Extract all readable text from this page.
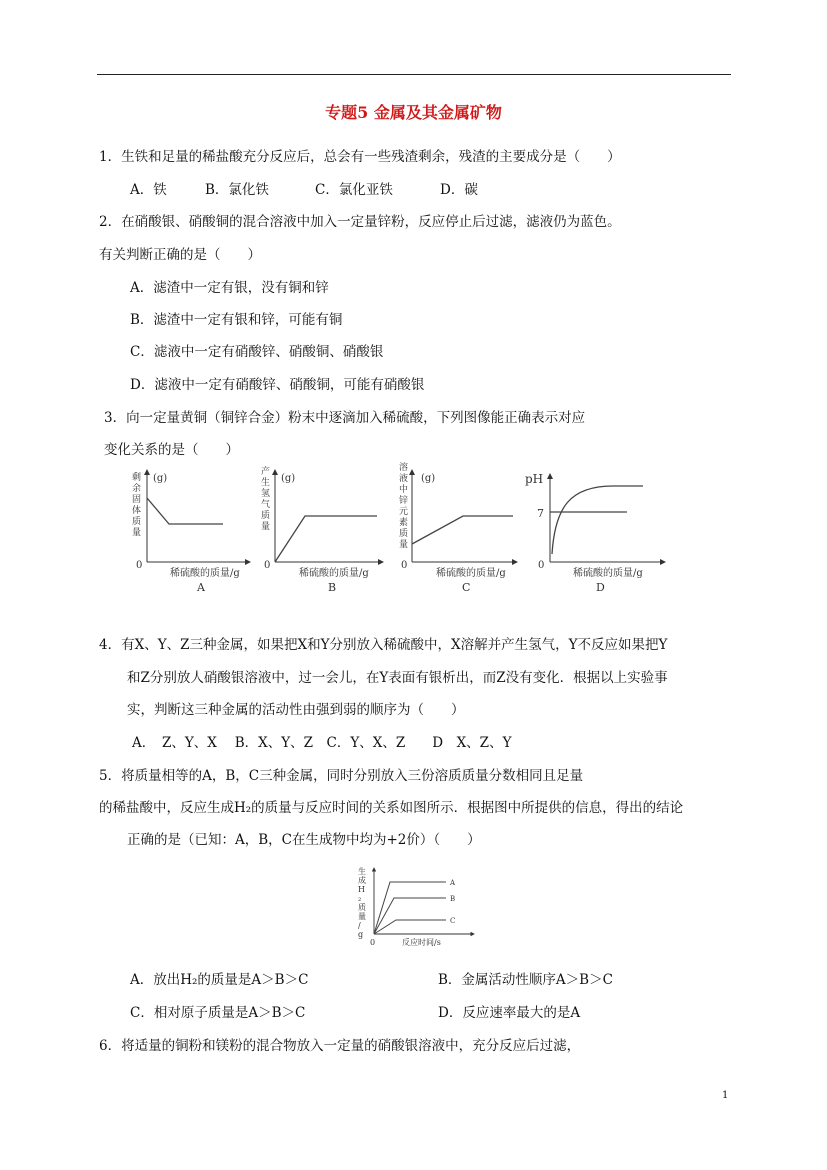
专题5 金属及其金属矿物
1．生铁和足量的稀盐酸充分反应后，总会有一些残渣剩余，残渣的主要成分是（　　）
A．铁	B．氯化铁	C．氯化亚铁	D．碳
2．在硝酸银、硝酸铜的混合溶液中加入一定量锌粉，反应停止后过滤，滤液仍为蓝色。
有关判断正确的是（　　）
A．滤渣中一定有银，没有铜和锌
B．滤渣中一定有银和锌，可能有铜
C．滤液中一定有硝酸锌、硝酸铜、硝酸银
D．滤液中一定有硝酸锌、硝酸铜，可能有硝酸银
3．向一定量黄铜（铜锌合金）粉末中逐滴加入稀硫酸，下列图像能正确表示对应
变化关系的是（　　）
(g)
0
稀硫酸的质量/g
A
剩余固体质量
(g)
0
稀硫酸的质量/g
B
产生氢气质量
(g)
0
稀硫酸的质量/g
C
溶液中锌元素质量
pH
7
0
稀硫酸的质量/g
D
4．有X、Y、Z三种金属，如果把X和Y分别放入稀硫酸中，X溶解并产生氢气，Y不反应如果把Y
和Z分别放人硝酸银溶液中，过一会儿，在Y表面有银析出，而Z没有变化．根据以上实验事
实，判断这三种金属的活动性由强到弱的顺序为（　　）
A．　Z、Y、X　 B．X、Y、Z　C．Y、X、Z　　D　X、Z、Y
5．将质量相等的A，B，C三种金属，同时分别放入三份溶质质量分数相同且足量
的稀盐酸中，反应生成H₂的质量与反应时间的关系如图所示．根据图中所提供的信息，得出的结论
正确的是（已知：A，B，C在生成物中均为+2价）（　　）
A
B
C
0	反应时间/s
生成 H ₂ 质量/ g
A．放出H₂的质量是A＞B＞C	B．金属活动性顺序A＞B＞C
C．相对原子质量是A＞B＞C	D．反应速率最大的是A
6．将适量的铜粉和镁粉的混合物放入一定量的硝酸银溶液中，充分反应后过滤，
1
